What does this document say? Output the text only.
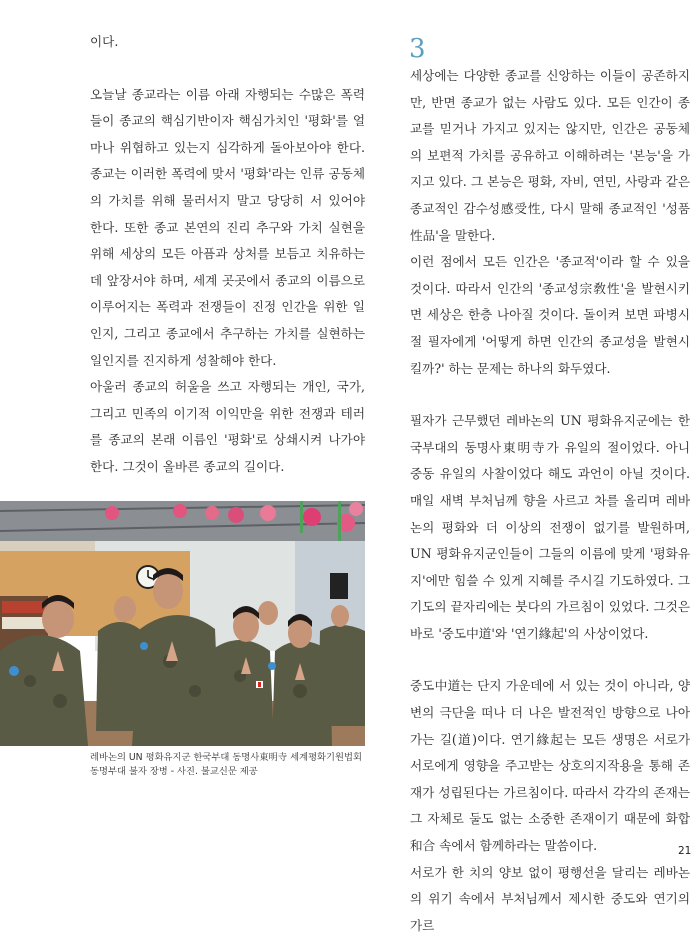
이다.

오늘날 종교라는 이름 아래 자행되는 수많은 폭력들이 종교의 핵심기반이자 핵심가치인 '평화'를 얼마나 위협하고 있는지 심각하게 돌아보아야 한다. 종교는 이러한 폭력에 맞서 '평화'라는 인류 공동체의 가치를 위해 물러서지 말고 당당히 서 있어야 한다. 또한 종교 본연의 진리 추구와 가치 실현을 위해 세상의 모든 아픔과 상처를 보듬고 치유하는데 앞장서야 하며, 세계 곳곳에서 종교의 이름으로 이루어지는 폭력과 전쟁들이 진정 인간을 위한 일인지, 그리고 종교에서 추구하는 가치를 실현하는 일인지를 진지하게 성찰해야 한다.

아울러 종교의 허울을 쓰고 자행되는 개인, 국가, 그리고 민족의 이기적 이익만을 위한 전쟁과 테러를 종교의 본래 이름인 '평화'로 상쇄시켜 나가야 한다. 그것이 올바른 종교의 길이다.

3

세상에는 다양한 종교를 신앙하는 이들이 공존하지만, 반면 종교가 없는 사람도 있다. 모든 인간이 종교를 믿거나 가지고 있지는 않지만, 인간은 공동체의 보편적 가치를 공유하고 이해하려는 '본능'을 가지고 있다. 그 본능은 평화, 자비, 연민, 사랑과 같은 종교적인 감수성感受性, 다시 말해 종교적인 '성품性品'을 말한다.

이런 점에서 모든 인간은 '종교적'이라 할 수 있을 것이다. 따라서 인간의 '종교성宗敎性'을 발현시키면 세상은 한층 나아질 것이다. 돌이켜 보면 파병시절 필자에게 '어떻게 하면 인간의 종교성을 발현시킬까?' 하는 문제는 하나의 화두였다.

필자가 근무했던 레바논의 UN 평화유지군에는 한국부대의 동명사東明寺가 유일의 절이었다. 아니 중동 유일의 사찰이었다 해도 과언이 아닐 것이다. 매일 새벽 부처님께 향을 사르고 차를 올리며 레바논의 평화와 더 이상의 전쟁이 없기를 발원하며, UN 평화유지군인들이 그들의 이름에 맞게 '평화유지'에만 힘쓸 수 있게 지혜를 주시길 기도하였다. 그 기도의 끝자리에는 붓다의 가르침이 있었다. 그것은 바로 '중도中道'와 '연기緣起'의 사상이었다.

중도中道는 단지 가운데에 서 있는 것이 아니라, 양변의 극단을 떠나 더 나은 발전적인 방향으로 나아가는 길(道)이다. 연기緣起는 모든 생명은 서로가 서로에게 영향을 주고받는 상호의지작용을 통해 존재가 성립된다는 가르침이다. 따라서 각각의 존재는 그 자체로 둘도 없는 소중한 존재이기 때문에 화합和合 속에서 함께하라는 말씀이다.

서로가 한 치의 양보 없이 평행선을 달리는 레바논의 위기 속에서 부처님께서 제시한 중도와 연기의 가르

레바논의 UN 평화유지군 한국부대 동명사東明寺 세계평화기원법회 동명부대 불자 장병 - 사진. 불교신문 제공
21
